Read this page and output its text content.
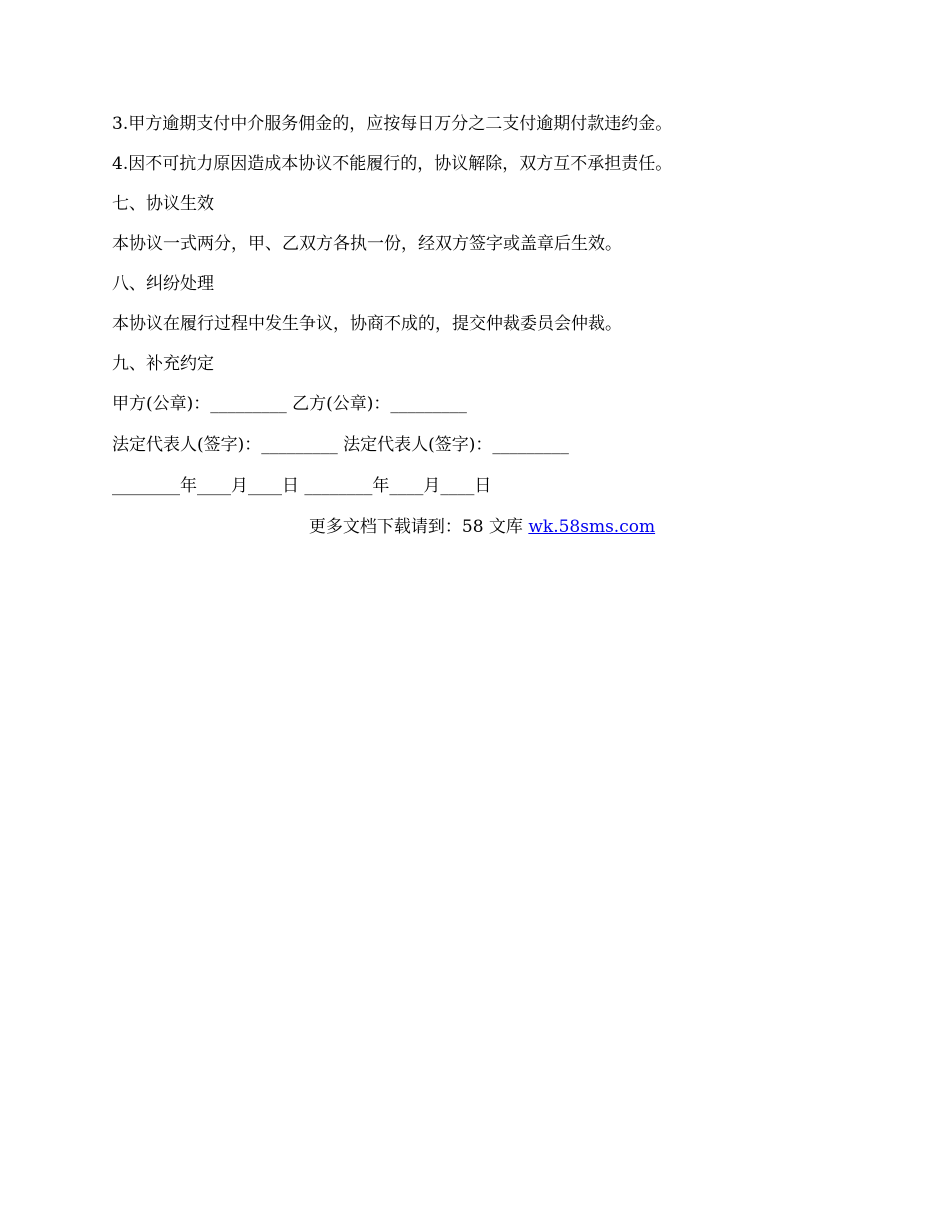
3.甲方逾期支付中介服务佣金的，应按每日万分之二支付逾期付款违约金。

4.因不可抗力原因造成本协议不能履行的，协议解除，双方互不承担责任。

七、协议生效

本协议一式两分，甲、乙双方各执一份，经双方签字或盖章后生效。

八、纠纷处理

本协议在履行过程中发生争议，协商不成的，提交仲裁委员会仲裁。

九、补充约定

甲方(公章)：_________ 乙方(公章)：_________

法定代表人(签字)：_________ 法定代表人(签字)：_________

________年____月____日 ________年____月____日

更多文档下载请到：58 文库 wk.58sms.com
